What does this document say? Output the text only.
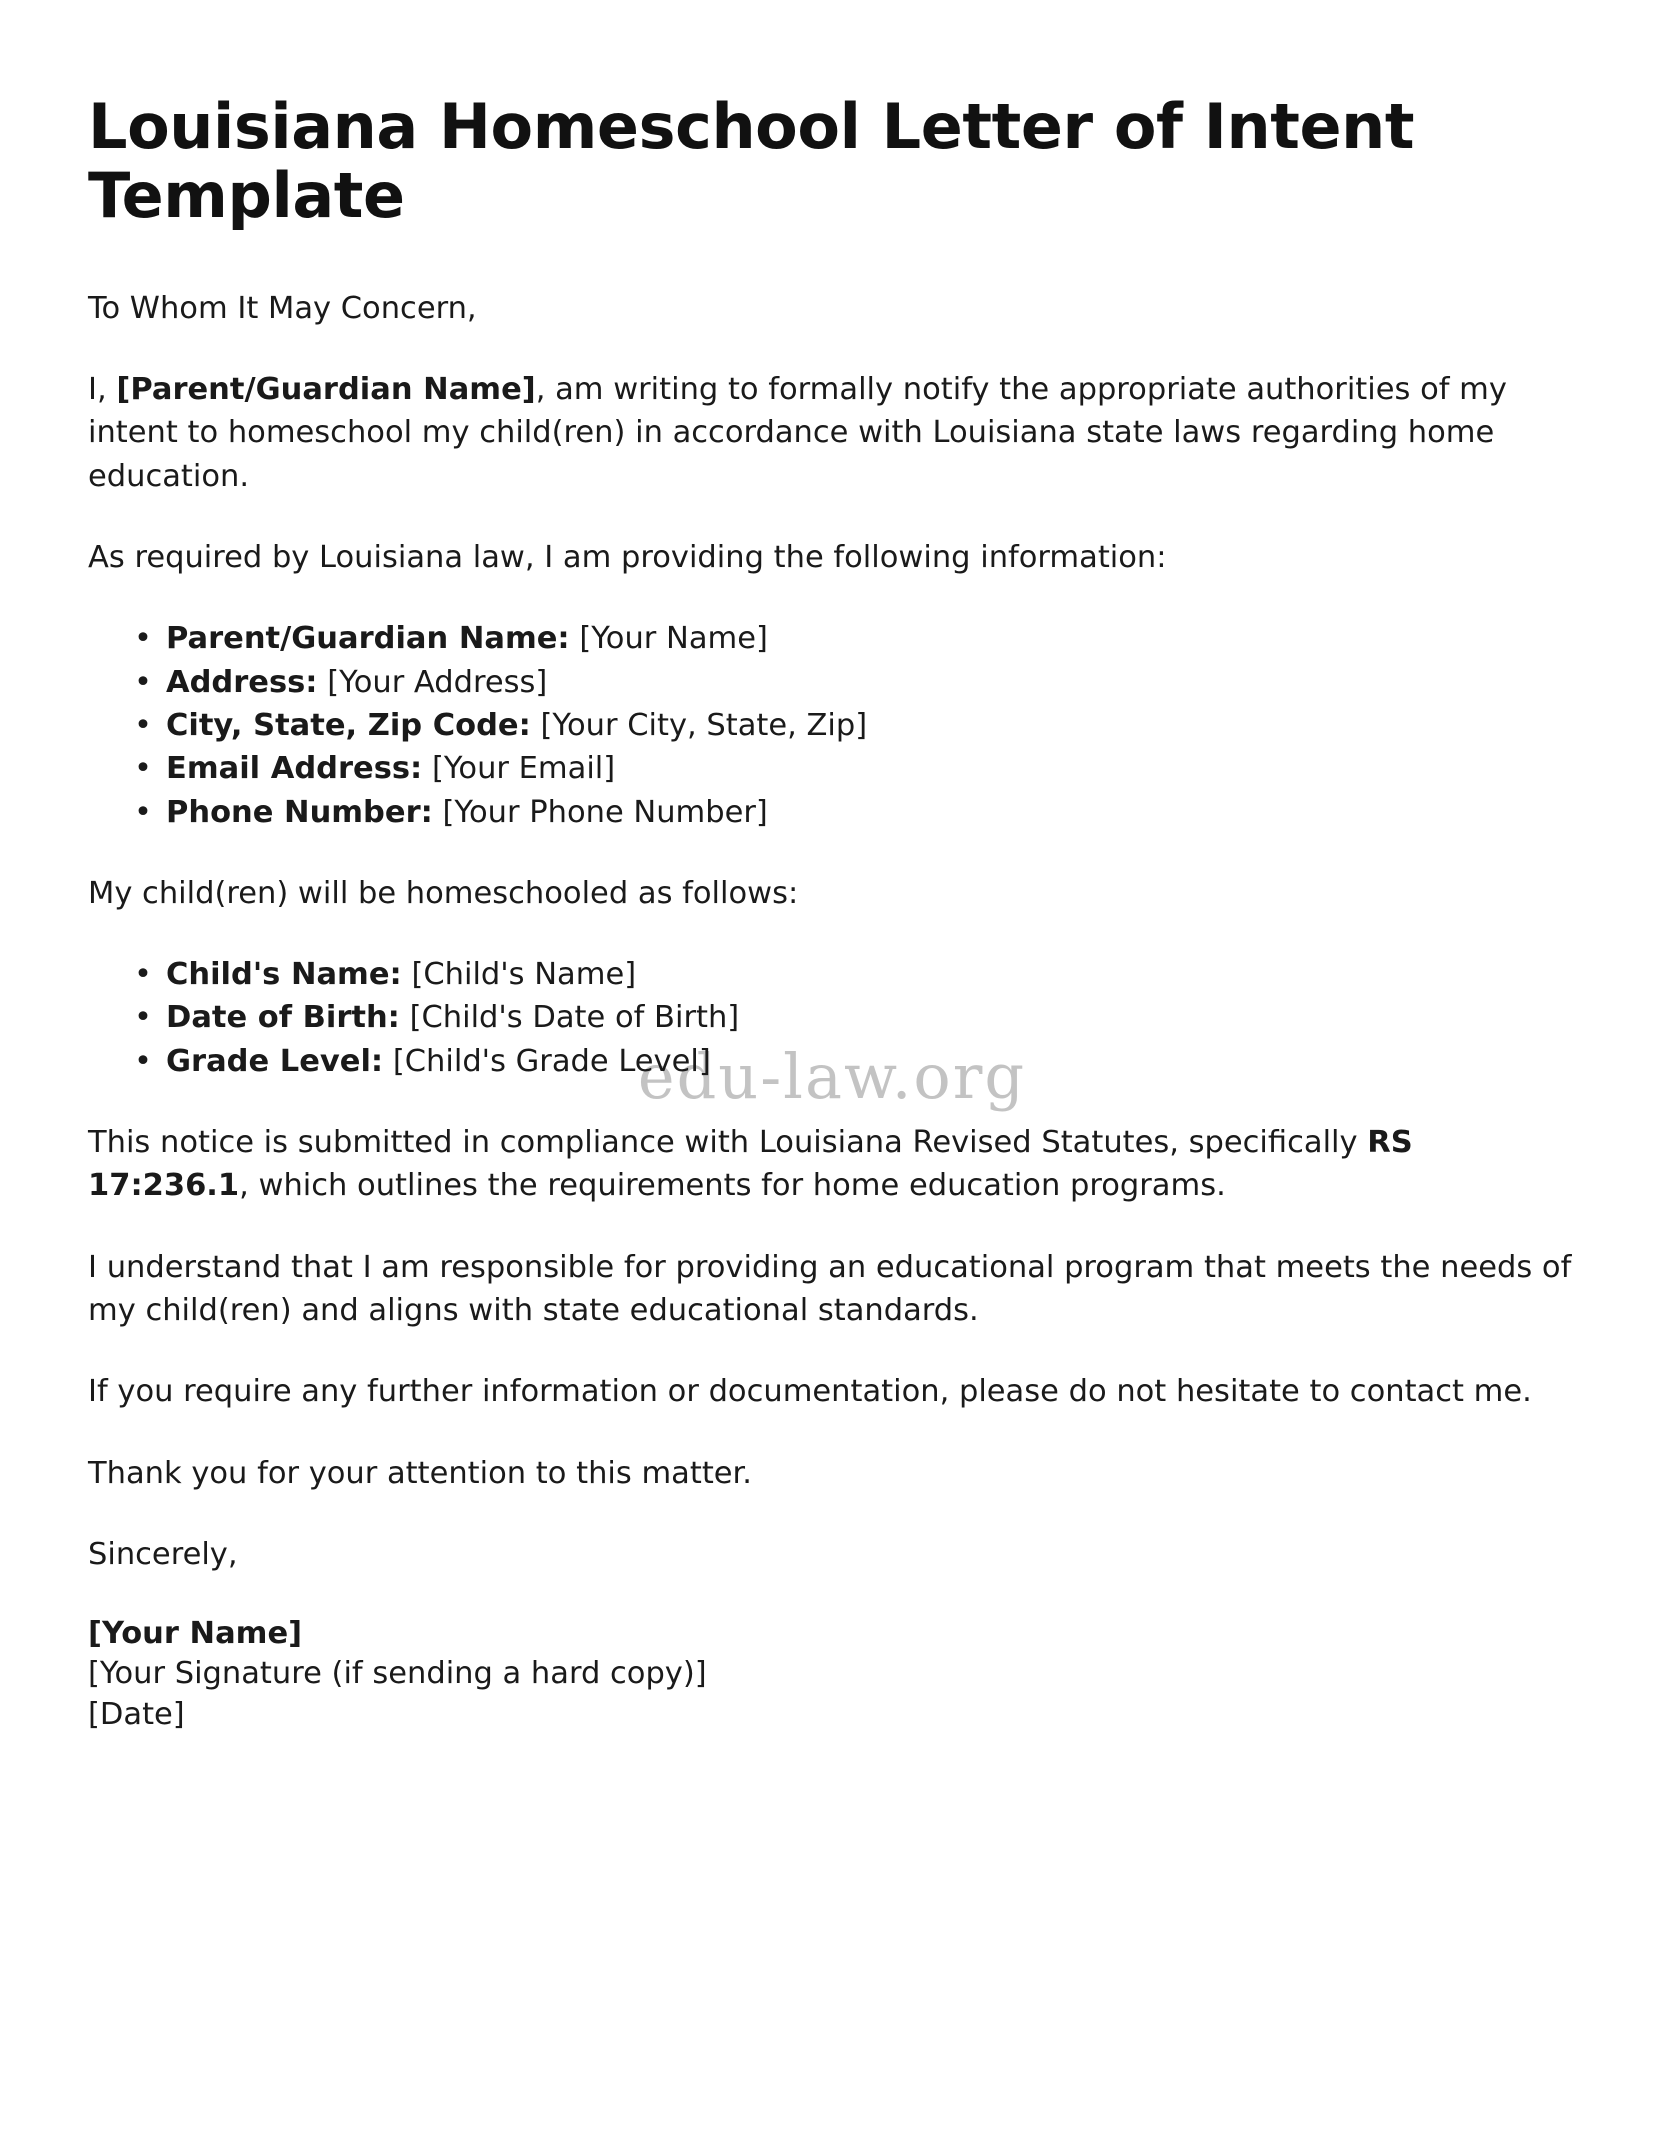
edu-law.org
Louisiana Homeschool Letter of Intent Template

To Whom It May Concern,

I, [Parent/Guardian Name], am writing to formally notify the appropriate authorities of my intent to homeschool my child(ren) in accordance with Louisiana state laws regarding home education.

As required by Louisiana law, I am providing the following information:

• Parent/Guardian Name: [Your Name]
• Address: [Your Address]
• City, State, Zip Code: [Your City, State, Zip]
• Email Address: [Your Email]
• Phone Number: [Your Phone Number]

My child(ren) will be homeschooled as follows:

• Child's Name: [Child's Name]
• Date of Birth: [Child's Date of Birth]
• Grade Level: [Child's Grade Level]

This notice is submitted in compliance with Louisiana Revised Statutes, specifically RS 17:236.1, which outlines the requirements for home education programs.

I understand that I am responsible for providing an educational program that meets the needs of my child(ren) and aligns with state educational standards.

If you require any further information or documentation, please do not hesitate to contact me.

Thank you for your attention to this matter.

Sincerely,

[Your Name]
[Your Signature (if sending a hard copy)]
[Date]
